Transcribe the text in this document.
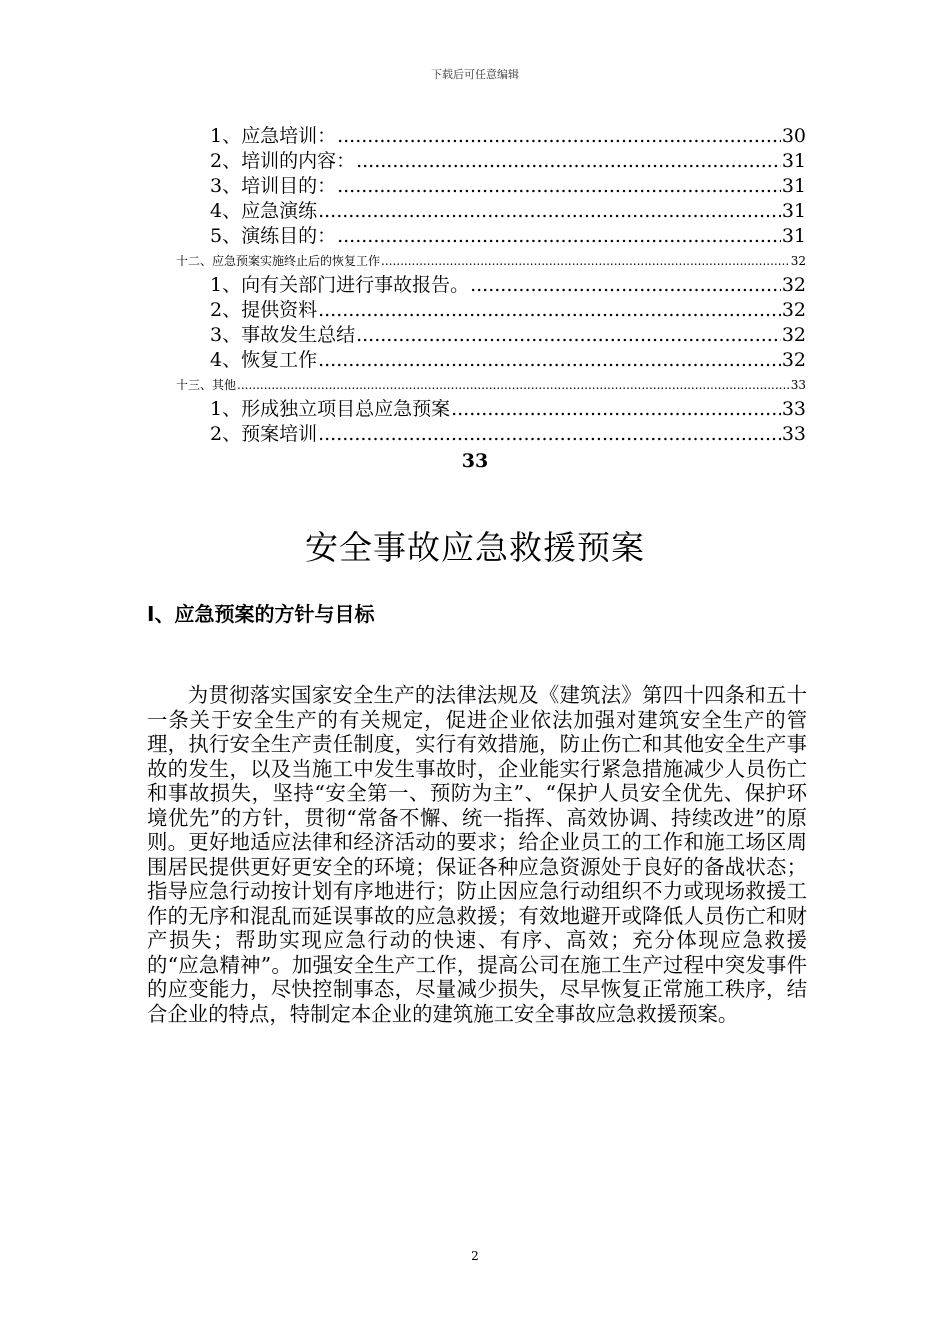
下载后可任意编辑
1、应急培训： .....	30
2、培训的内容： .....	31
3、培训目的： .....	31
4、应急演练 .....	31
5、演练目的： .....	31
十二、应急预案实施终止后的恢复工作 .....	32
1、向有关部门进行事故报告。 .....	32
2、提供资料 .....	32
3、事故发生总结 .....	32
4、恢复工作 .....	32
十三、其他 .....	33
1、形成独立项目总应急预案 .....	33
2、预案培训 .....	33
33
安全事故应急救援预案
Ⅰ、应急预案的方针与目标

为贯彻落实国家安全生产的法律法规及《建筑法》第四十四条和五十一条关于安全生产的有关规定，促进企业依法加强对建筑安全生产的管理，执行安全生产责任制度，实行有效措施，防止伤亡和其他安全生产事故的发生，以及当施工中发生事故时，企业能实行紧急措施减少人员伤亡和事故损失，坚持“安全第一、预防为主”、“保护人员安全优先、保护环境优先”的方针，贯彻“常备不懈、统一指挥、高效协调、持续改进”的原则。更好地适应法律和经济活动的要求；给企业员工的工作和施工场区周围居民提供更好更安全的环境；保证各种应急资源处于良好的备战状态；指导应急行动按计划有序地进行；防止因应急行动组织不力或现场救援工作的无序和混乱而延误事故的应急救援；有效地避开或降低人员伤亡和财产损失；帮助实现应急行动的快速、有序、高效；充分体现应急救援的“应急精神”。加强安全生产工作，提高公司在施工生产过程中突发事件的应变能力，尽快控制事态，尽量减少损失，尽早恢复正常施工秩序，结合企业的特点，特制定本企业的建筑施工安全事故应急救援预案。

2
